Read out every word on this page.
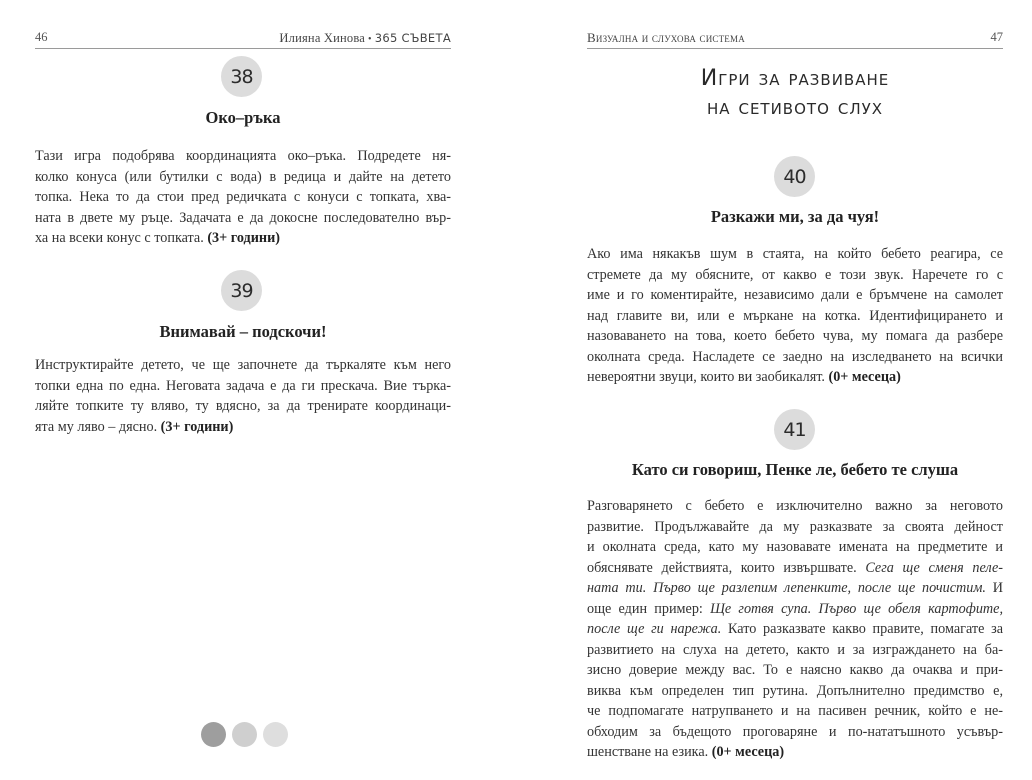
46	Илияна Хинова • 365 СЪВЕТА
38
Око–ръка
Тази игра подобрява координацията око–ръка. Подредете ня-
колко конуса (или бутилки с вода) в редица и дайте на детето
топка. Нека то да стои пред редичката с конуси с топката, хва-
ната в двете му ръце. Задачата е да докосне последователно вър-
ха на всеки конус с топката. (3+ години)
39
Внимавай – подскочи!
Инструктирайте детето, че ще започнете да търкаляте към него
топки една по една. Неговата задача е да ги прескача. Вие търка-
ляйте топките ту вляво, ту вдясно, за да тренирате координаци-
ята му ляво – дясно. (3+ години)
Визуална и слухова система	47
Игри за развиване
на сетивото слух
40
Разкажи ми, за да чуя!
Ако има някакъв шум в стаята, на който бебето реагира, се
стремете да му обясните, от какво е този звук. Наречете го с
име и го коментирайте, независимо дали е бръмчене на самолет
над главите ви, или е мъркане на котка. Идентифицирането и
назоваването на това, което бебето чува, му помага да разбере
околната среда. Насладете се заедно на изследването на всички
невероятни звуци, които ви заобикалят. (0+ месеца)
41
Като си говориш, Пенке ле, бебето те слуша
Разговарянето с бебето е изключително важно за неговото
развитие. Продължавайте да му разказвате за своята дейност
и околната среда, като му назовавате имената на предметите и
обяснявате действията, които извършвате. Сега ще сменя пеле-
ната ти. Първо ще разлепим лепенките, после ще почистим. И
още един пример: Ще готвя супа. Първо ще обеля картофите,
после ще ги нарежа. Като разказвате какво правите, помагате за
развитието на слуха на детето, както и за изграждането на ба-
зисно доверие между вас. То е наясно какво да очаква и при-
виква към определен тип рутина. Допълнително предимство е,
че подпомагате натрупването и на пасивен речник, който е не-
обходим за бъдещото проговаряне и по-нататъшното усъвър-
шенстване на езика. (0+ месеца)
